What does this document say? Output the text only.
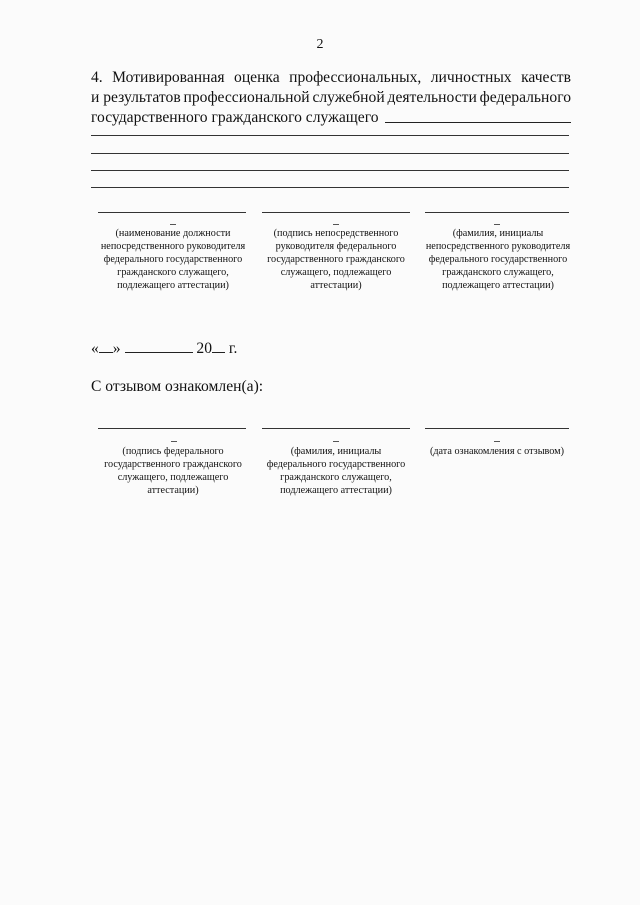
2
4. Мотивированная оценка профессиональных, личностных качеств
и результатов профессиональной служебной деятельности федерального
государственного гражданского служащего
(наименование должности непосредственного руководителя федерального государственного гражданского служащего, подлежащего аттестации)
(подпись непосредственного руководителя федерального государственного гражданского служащего, подлежащего аттестации)
(фамилия, инициалы непосредственного руководителя федерального государственного гражданского служащего, подлежащего аттестации)
« »	20 г.
С отзывом ознакомлен(а):
(подпись федерального государственного гражданского служащего, подлежащего аттестации)
(фамилия, инициалы федерального государственного гражданского служащего, подлежащего аттестации)
(дата ознакомления с отзывом)
